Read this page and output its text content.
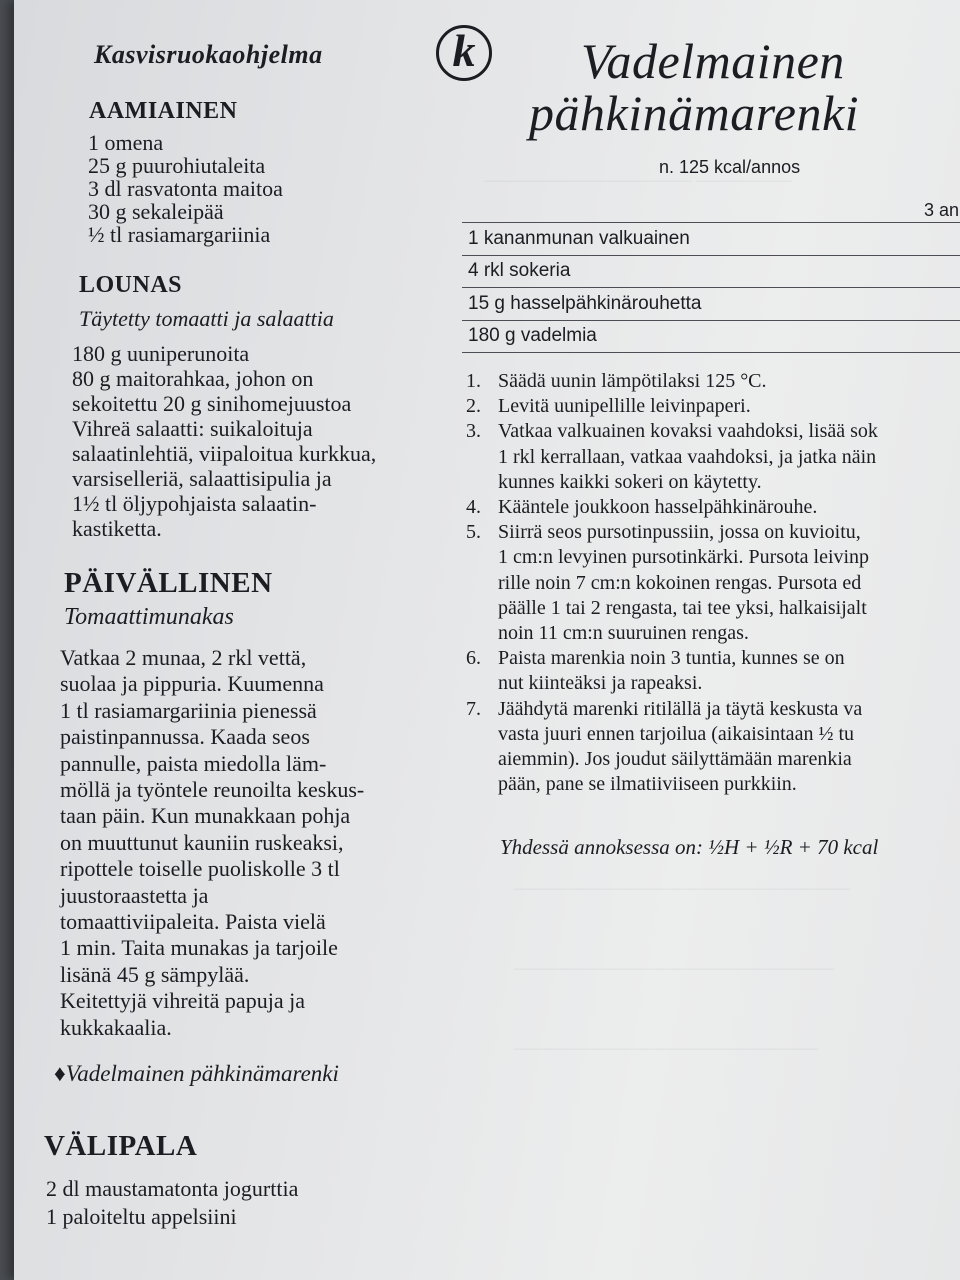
————————————— ——————
—————————————————————
————————————————————
———————————————————
Kasvisruokaohjelma	k	Vadelmainen
pähkinämarenki
AAMIAINEN
1 omena
25 g puurohiutaleita
3 dl rasvatonta maitoa
30 g sekaleipää
½ tl rasiamargariinia
LOUNAS
Täytetty tomaatti ja salaattia
180 g uuniperunoita
80 g maitorahkaa, johon on
sekoitettu 20 g sinihomejuustoa
Vihreä salaatti: suikaloituja
salaatinlehtiä, viipaloitua kurkkua,
varsiselleriä, salaattisipulia ja
1½ tl öljypohjaista salaatin-
kastiketta.
PÄIVÄLLINEN
Tomaattimunakas
Vatkaa 2 munaa, 2 rkl vettä,
suolaa ja pippuria. Kuumenna
1 tl rasiamargariinia pienessä
paistinpannussa. Kaada seos
pannulle, paista miedolla läm-
möllä ja työntele reunoilta keskus-
taan päin. Kun munakkaan pohja
on muuttunut kauniin ruskeaksi,
ripottele toiselle puoliskolle 3 tl
juustoraastetta ja
tomaattiviipaleita. Paista vielä
1 min. Taita munakas ja tarjoile
lisänä 45 g sämpylää.
Keitettyjä vihreitä papuja ja
kukkakaalia.
♦Vadelmainen pähkinämarenki
VÄLIPALA
2 dl maustamatonta jogurttia
1 paloiteltu appelsiini
n. 125 kcal/annos
3 an
1 kananmunan valkuainen
4 rkl sokeria
15 g hasselpähkinärouhetta
180 g vadelmia
1. Säädä uunin lämpötilaksi 125 °C.
2. Levitä uunipellille leivinpaperi.
3. Vatkaa valkuainen kovaksi vaahdoksi, lisää sok
1 rkl kerrallaan, vatkaa vaahdoksi, ja jatka näin
kunnes kaikki sokeri on käytetty.
4. Kääntele joukkoon hasselpähkinärouhe.
5. Siirrä seos pursotinpussiin, jossa on kuvioitu,
1 cm:n levyinen pursotinkärki. Pursota leivinp
rille noin 7 cm:n kokoinen rengas. Pursota ed
päälle 1 tai 2 rengasta, tai tee yksi, halkaisijalt
noin 11 cm:n suuruinen rengas.
6. Paista marenkia noin 3 tuntia, kunnes se on
nut kiinteäksi ja rapeaksi.
7. Jäähdytä marenki ritilällä ja täytä keskusta va
vasta juuri ennen tarjoilua (aikaisintaan ½ tu
aiemmin). Jos joudut säilyttämään marenkia
pään, pane se ilmatiiviiseen purkkiin.
Yhdessä annoksessa on: ½H + ½R + 70 kcal
